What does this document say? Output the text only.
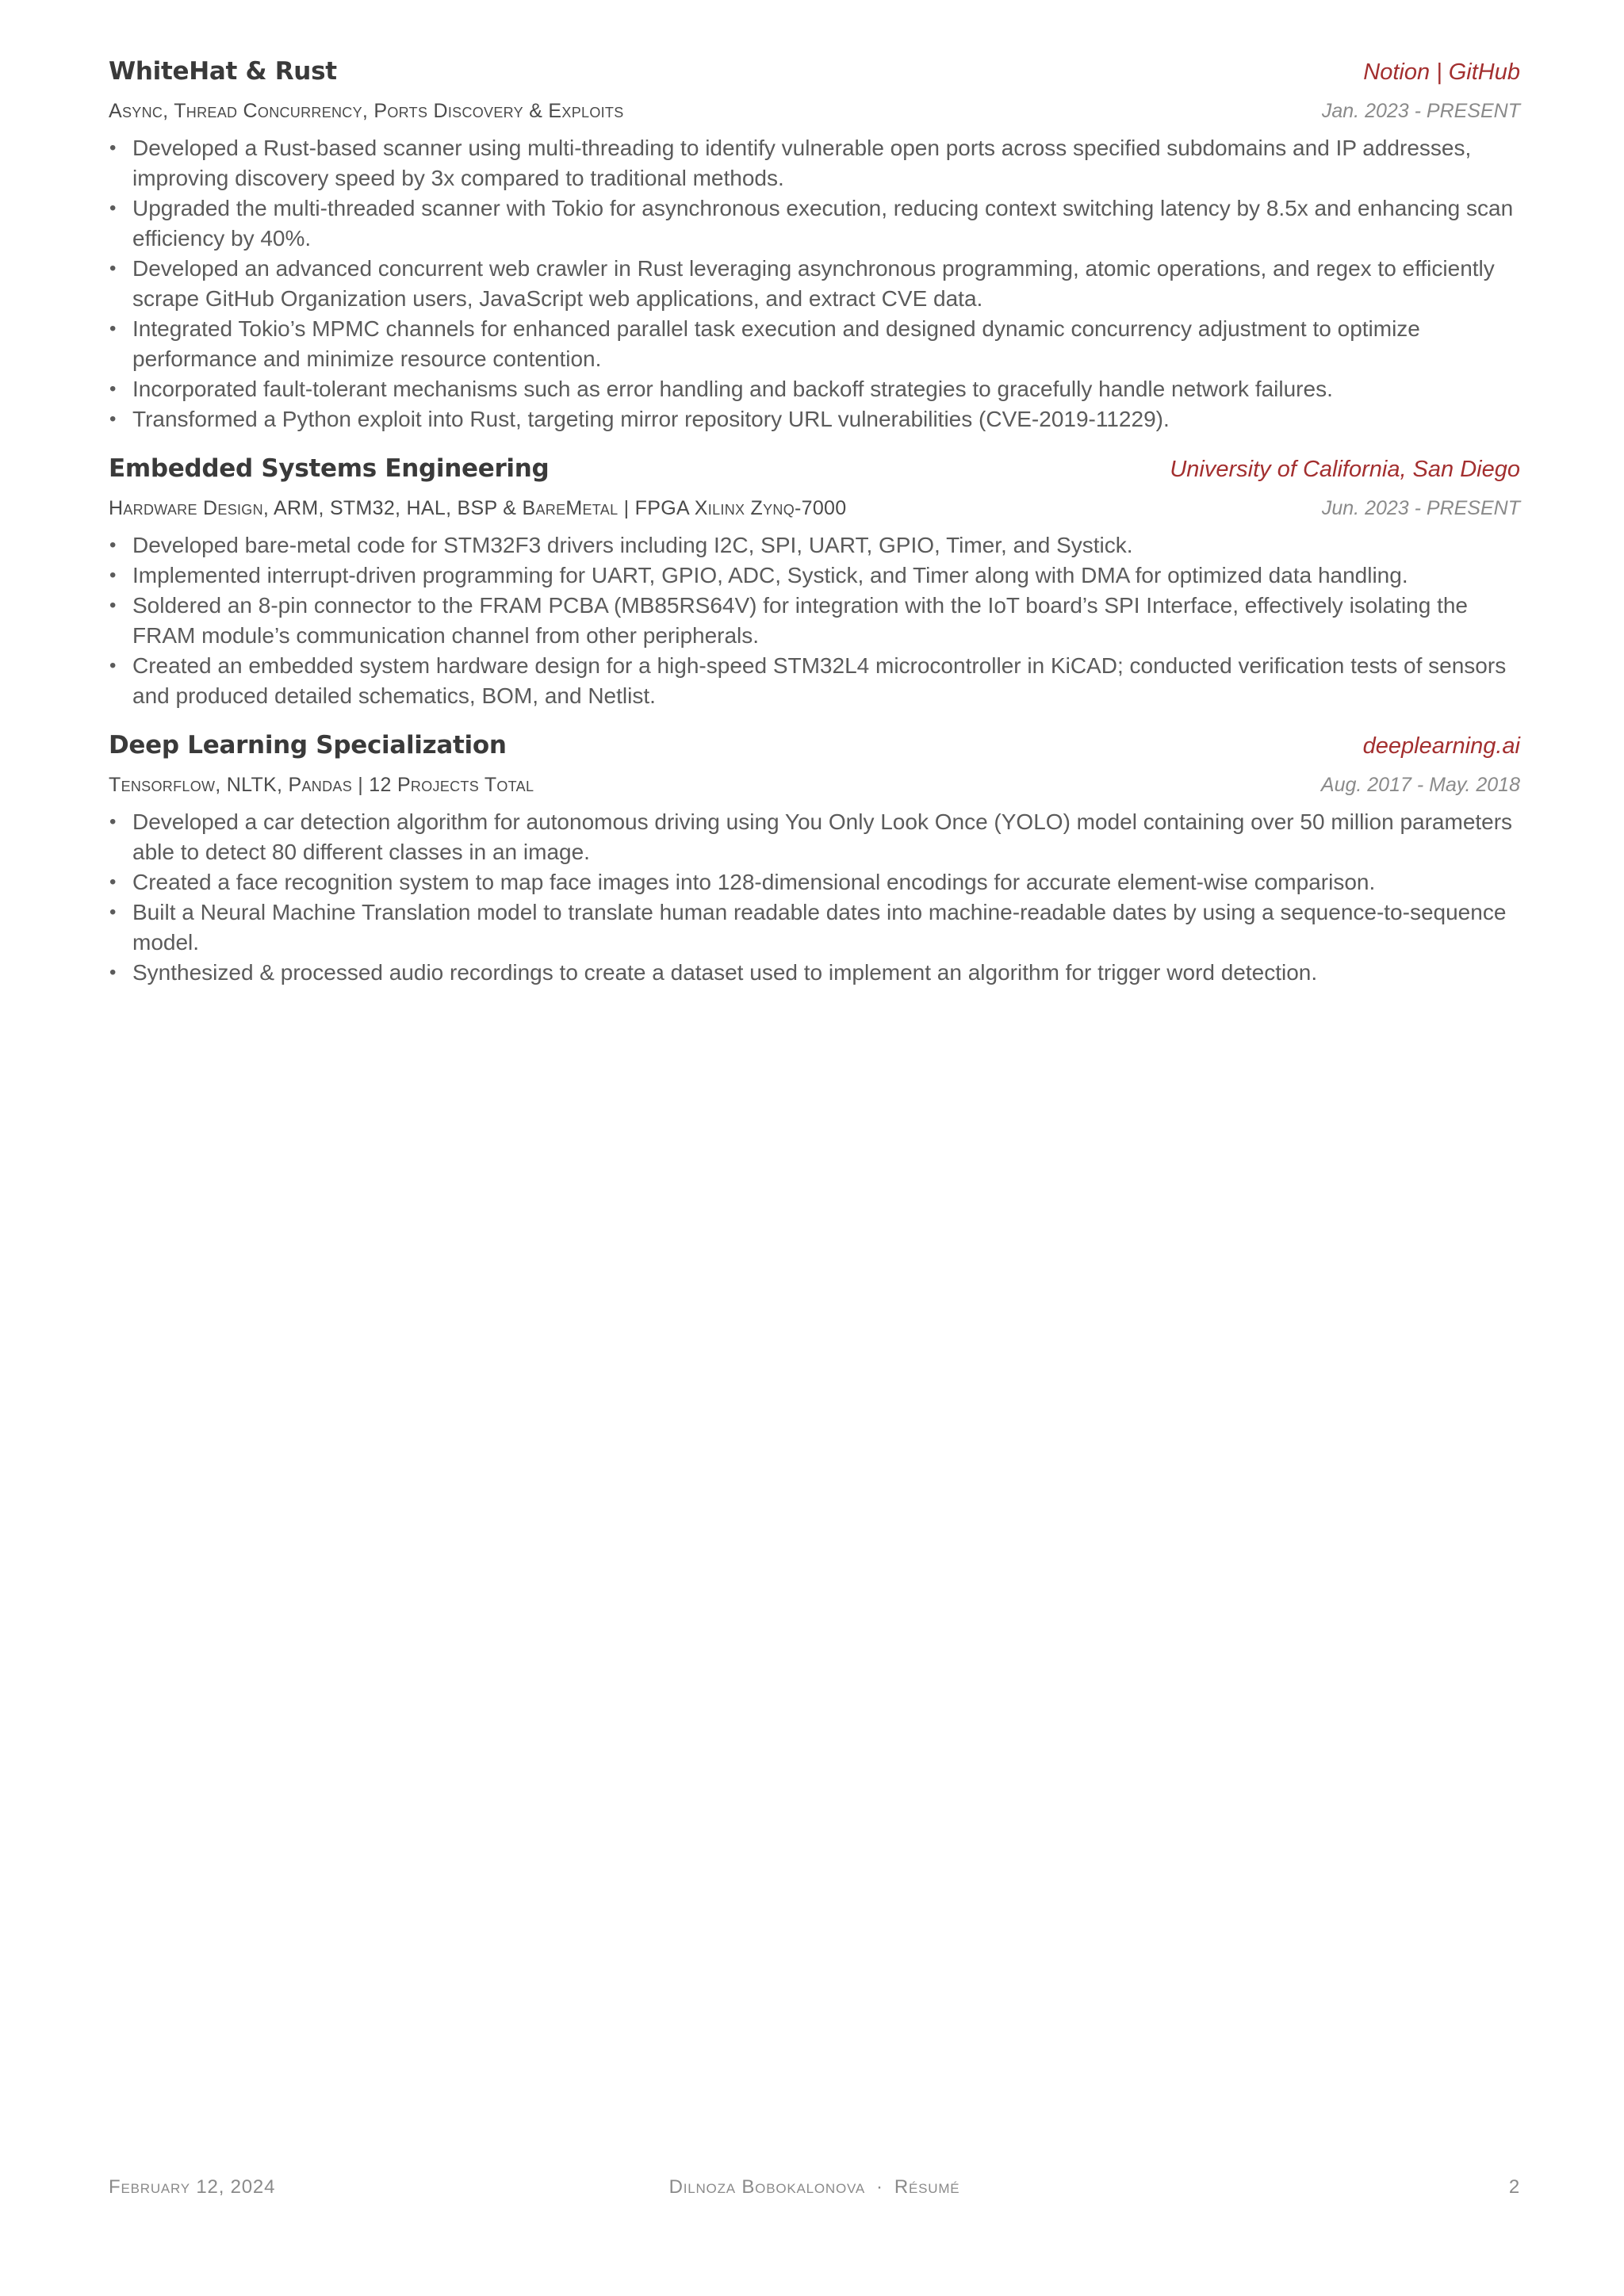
WhiteHat & Rust	Notion | GitHub
Async, Thread Concurrency, Ports Discovery & Exploits	Jan. 2023 - PRESENT
• Developed a Rust-based scanner using multi-threading to identify vulnerable open ports across specified subdomains and IP addresses, improving discovery speed by 3x compared to traditional methods.
• Upgraded the multi-threaded scanner with Tokio for asynchronous execution, reducing context switching latency by 8.5x and enhancing scan efficiency by 40%.
• Developed an advanced concurrent web crawler in Rust leveraging asynchronous programming, atomic operations, and regex to efficiently scrape GitHub Organization users, JavaScript web applications, and extract CVE data.
• Integrated Tokio’s MPMC channels for enhanced parallel task execution and designed dynamic concurrency adjustment to optimize performance and minimize resource contention.
• Incorporated fault-tolerant mechanisms such as error handling and backoff strategies to gracefully handle network failures.
• Transformed a Python exploit into Rust, targeting mirror repository URL vulnerabilities (CVE-2019-11229).
Embedded Systems Engineering	University of California, San Diego
Hardware Design, ARM, STM32, HAL, BSP & BareMetal | FPGA Xilinx Zynq-7000	Jun. 2023 - PRESENT
• Developed bare-metal code for STM32F3 drivers including I2C, SPI, UART, GPIO, Timer, and Systick.
• Implemented interrupt-driven programming for UART, GPIO, ADC, Systick, and Timer along with DMA for optimized data handling.
• Soldered an 8-pin connector to the FRAM PCBA (MB85RS64V) for integration with the IoT board’s SPI Interface, effectively isolating the FRAM module’s communication channel from other peripherals.
• Created an embedded system hardware design for a high-speed STM32L4 microcontroller in KiCAD; conducted verification tests of sensors and produced detailed schematics, BOM, and Netlist.
Deep Learning Specialization	deeplearning.ai
Tensorflow, NLTK, Pandas | 12 Projects Total	Aug. 2017 - May. 2018
• Developed a car detection algorithm for autonomous driving using You Only Look Once (YOLO) model containing over 50 million parameters able to detect 80 different classes in an image.
• Created a face recognition system to map face images into 128-dimensional encodings for accurate element-wise comparison.
• Built a Neural Machine Translation model to translate human readable dates into machine-readable dates by using a sequence-to-sequence model.
• Synthesized & processed audio recordings to create a dataset used to implement an algorithm for trigger word detection.
February 12, 2024	Dilnoza Bobokalonova · Résumé	2
